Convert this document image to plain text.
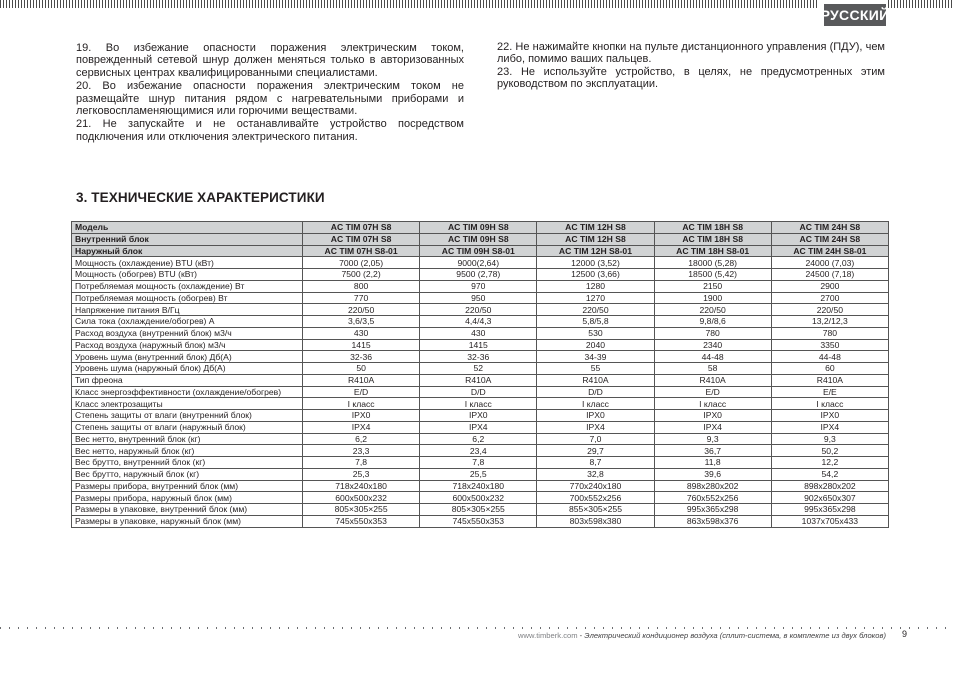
РУССКИЙ

19. Во избежание опасности поражения электрическим током, поврежденный сетевой шнур должен меняться только в авторизованных сервисных центрах квалифицированными специалистами.

20. Во избежание опасности поражения электрическим током не размещайте шнур питания рядом с нагревательными приборами и легковоспламеняющимися или горючими веществами.

21. Не запускайте и не останавливайте устройство посредством подключения или отключения электрического питания.

22. Не нажимайте кнопки на пульте дистанционного управления (ПДУ), чем либо, помимо ваших пальцев.

23. Не используйте устройство, в целях, не предусмотренных этим руководством по эксплуатации.

3. ТЕХНИЧЕСКИЕ ХАРАКТЕРИСТИКИ
Модель	AC TIM 07H S8	AC TIM 09H S8	AC TIM 12H S8	AC TIM 18H S8	AC TIM 24H S8
Внутренний блок	AC TIM 07H S8	AC TIM 09H S8	AC TIM 12H S8	AC TIM 18H S8	AC TIM 24H S8
Наружный блок	AC TIM 07H S8-01	AC TIM 09H S8-01	AC TIM 12H S8-01	AC TIM 18H S8-01	AC TIM 24H S8-01
Мощность (охлаждение) BTU (кВт)	7000 (2,05)	9000(2,64)	12000 (3,52)	18000 (5,28)	24000 (7,03)
Мощность (обогрев) BTU (кВт)	7500 (2,2)	9500 (2,78)	12500 (3,66)	18500 (5,42)	24500 (7,18)
Потребляемая мощность (охлаждение) Вт	800	970	1280	2150	2900
Потребляемая мощность (обогрев) Вт	770	950	1270	1900	2700
Напряжение питания В/Гц	220/50	220/50	220/50	220/50	220/50
Сила тока (охлаждение/обогрев) А	3,6/3,5	4,4/4,3	5,8/5,8	9,8/8,6	13,2/12,3
Расход воздуха (внутренний блок) м3/ч	430	430	530	780	780
Расход воздуха (наружный блок) м3/ч	1415	1415	2040	2340	3350
Уровень шума (внутренний блок) Дб(А)	32-36	32-36	34-39	44-48	44-48
Уровень шума (наружный блок) Дб(А)	50	52	55	58	60
Тип фреона	R410A	R410A	R410A	R410A	R410A
Класс энергоэффективности (охлаждение/обогрев)	E/D	D/D	D/D	E/D	E/E
Класс электрозащиты	I класс	I класс	I класс	I класс	I класс
Степень защиты от влаги (внутренний блок)	IPX0	IPX0	IPX0	IPX0	IPX0
Степень защиты от влаги (наружный блок)	IPX4	IPX4	IPX4	IPX4	IPX4
Вес нетто, внутренний блок (кг)	6,2	6,2	7,0	9,3	9,3
Вес нетто, наружный блок (кг)	23,3	23,4	29,7	36,7	50,2
Вес брутто, внутренний блок (кг)	7,8	7,8	8,7	11,8	12,2
Вес брутто, наружный блок (кг)	25,3	25,5	32,8	39,6	54,2
Размеры прибора, внутренний блок (мм)	718x240x180	718x240x180	770x240x180	898x280x202	898x280x202
Размеры прибора, наружный блок (мм)	600x500x232	600x500x232	700x552x256	760x552x256	902x650x307
Размеры в упаковке, внутренний блок (мм)	805×305×255	805×305×255	855×305×255	995x365x298	995x365x298
Размеры в упаковке, наружный блок (мм)	745x550x353	745x550x353	803x598x380	863x598x376	1037x705x433
www.timberk.com - Электрический кондиционер воздуха (сплит-система, в комплекте из двух блоков) 9
